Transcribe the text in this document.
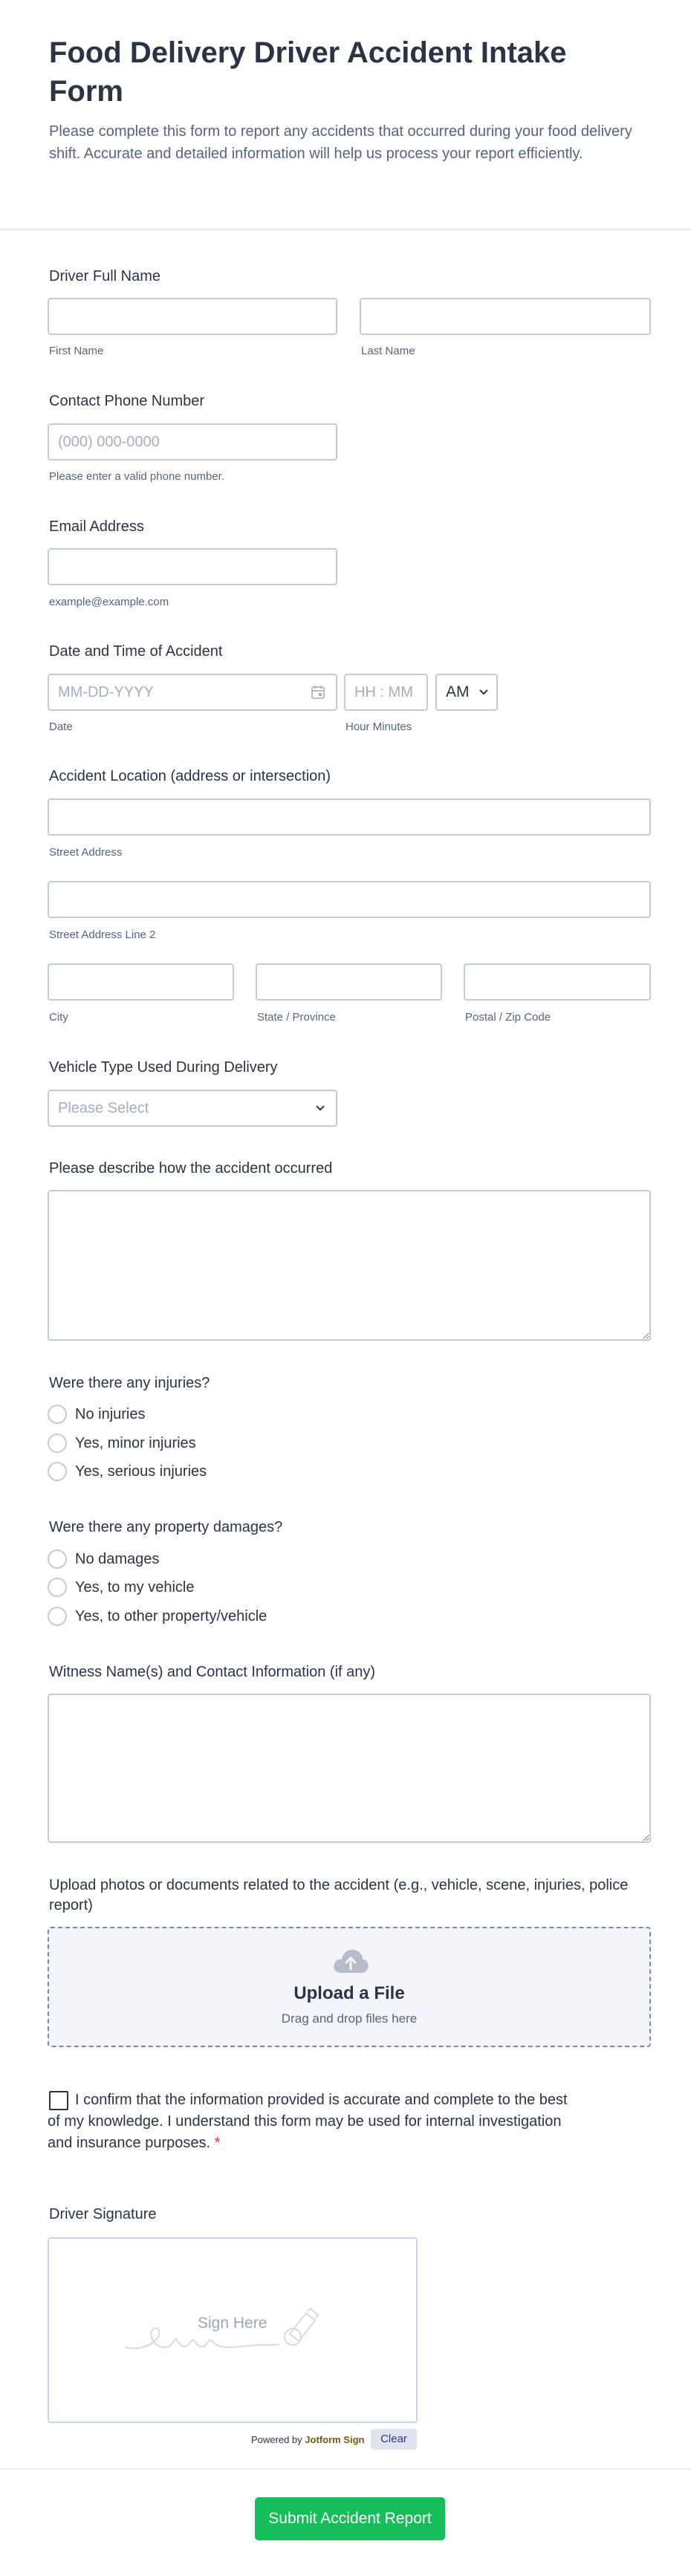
Food Delivery Driver Accident Intake Form

Please complete this form to report any accidents that occurred during your food delivery shift. Accurate and detailed information will help us process your report efficiently.

Driver Full Name
First Name	Last Name
Contact Phone Number
(000) 000-0000
Please enter a valid phone number.
Email Address
example@example.com
Date and Time of Accident
MM-DD-YYYY
Date
HH : MM
Hour Minutes
AM
Accident Location (address or intersection)
Street Address
Street Address Line 2
City	State / Province	Postal / Zip Code
Vehicle Type Used During Delivery
Please Select
Please describe how the accident occurred
Were there any injuries?
No injuries
Yes, minor injuries
Yes, serious injuries
Were there any property damages?
No damages
Yes, to my vehicle
Yes, to other property/vehicle
Witness Name(s) and Contact Information (if any)
Upload photos or documents related to the accident (e.g., vehicle, scene, injuries, police report)
Upload a File
Drag and drop files here
I confirm that the information provided is accurate and complete to the best of my knowledge. I understand this form may be used for internal investigation and insurance purposes. *
Driver Signature
Sign Here
Powered by Jotform Sign	Clear
Submit Accident Report
